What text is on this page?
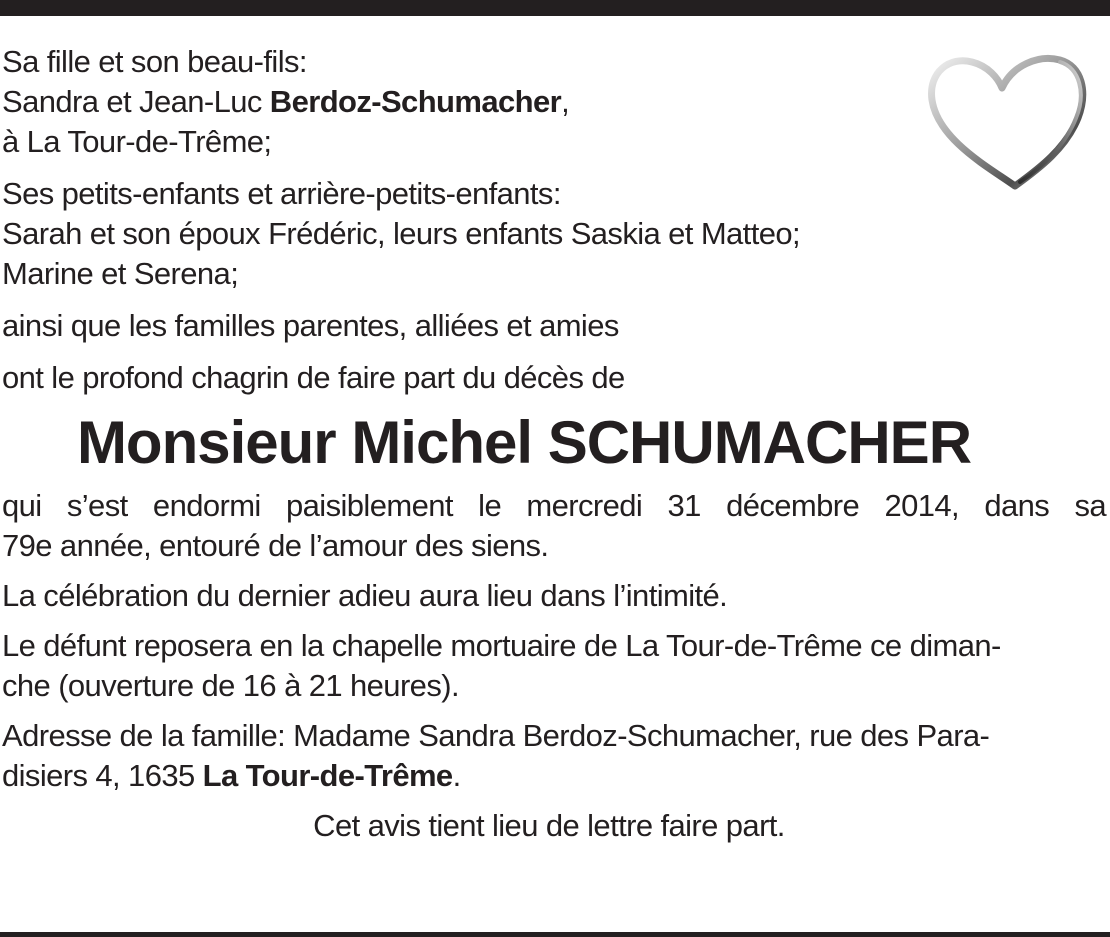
Sa fille et son beau-fils:
Sandra et Jean-Luc Berdoz-Schumacher,
à La Tour-de-Trême;

Ses petits-enfants et arrière-petits-enfants:
Sarah et son époux Frédéric, leurs enfants Saskia et Matteo;
Marine et Serena;

ainsi que les familles parentes, alliées et amies

ont le profond chagrin de faire part du décès de

Monsieur Michel SCHUMACHER

qui s’est endormi paisiblement le mercredi 31 décembre 2014, dans sa
79e année, entouré de l’amour des siens.

La célébration du dernier adieu aura lieu dans l’intimité.

Le défunt reposera en la chapelle mortuaire de La Tour-de-Trême ce diman-
che (ouverture de 16 à 21 heures).

Adresse de la famille: Madame Sandra Berdoz-Schumacher, rue des Para-
disiers 4, 1635 La Tour-de-Trême.

Cet avis tient lieu de lettre faire part.
